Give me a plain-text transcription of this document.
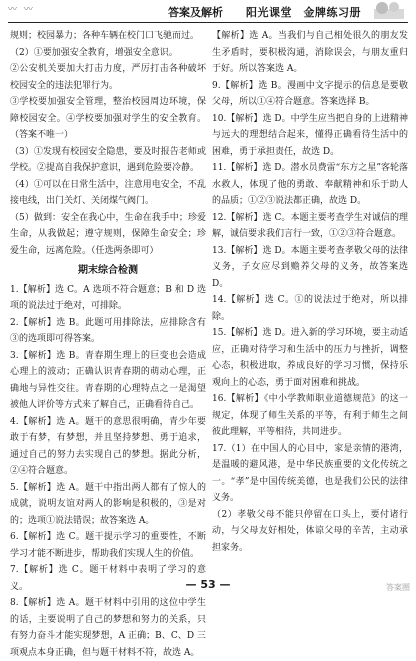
〰 〰	答案及解析 阳光课堂　金牌练习册

规则；校园暴力；各种车辆在校门口飞驰而过。

（2）①要加强安全教育，增强安全意识。

②公安机关要加大打击力度，严厉打击各种破坏校园安全的违法犯罪行为。

③学校要加强安全管理，整治校园周边环境，保障校园安全。④学校要加强对学生的安全教育。（答案不唯一）

（3）①发现有校园安全隐患，要及时报告老师或学校。②提高自我保护意识，遇到危险要冷静。

（4）①可以在日常生活中，注意用电安全，不乱接电线，出门关灯、关闭煤气阀门。

（5）做到：安全在我心中，生命在我手中；珍爱生命，从我做起；遵守规则，保障生命安全；珍爱生命，远离危险。（任选两条即可）

期末综合检测

1.【解析】选 C。A 选项不符合题意；B 和 D 选项的说法过于绝对，可排除。

2.【解析】选 B。此题可用排除法，应排除含有③的选项即可得答案。

3.【解析】选 B。青春期生理上的巨变也会造成心理上的波动；正确认识青春期的萌动心理，正确地与异性交往。青春期的心理特点之一是渴望被他人评价等方式来了解自己，正确看待自己。

4.【解析】选 A。题干的意思很明确，青少年要敢于有梦，有梦想，并且坚持梦想、勇于追求，通过自己的努力去实现自己的梦想。据此分析，②④符合题意。

5.【解析】选 A。题干中指出两人都有了惊人的成就，说明友谊对两人的影响是积极的，③是对的；选项①说法错误；故答案选 A。

6.【解析】选 C。题干提示学习的重要性，不断学习才能不断进步，帮助我们实现人生的价值。

7.【解析】选 C。题干材料中表明了学习的意义。

8.【解析】选 A。题干材料中引用的这位中学生的话，主要说明了自己的梦想和努力的关系，只有努力奋斗才能实现梦想，A 正确；B、C、D 三项观点本身正确，但与题干材料不符，故选 A。

【解析】选 A。当我们与自己相处很久的朋友发生矛盾时，要积极沟通，消除误会，与朋友重归于好。所以答案选 A。

9.【解析】选 B。漫画中文字提示的信息是要敬父母，所以①④符合题意。答案选择 B。

10.【解析】选 D。中学生应当把自身的上进精神与远大的理想结合起来，懂得正确看待生活中的困难，勇于承担责任，故选 D。

11.【解析】选 D。潜水员费雷“东方之星”客轮落水救人，体现了他的勇敢、奉献精神和乐于助人的品质；①②③说法都正确，故选 D。

12.【解析】选 C。本题主要考查学生对诚信的理解，诚信要求我们言行一致，①②③符合题意。

13.【解析】选 D。本题主要考查孝敬父母的法律义务，子女应尽到赡养父母的义务，故答案选 D。

14.【解析】选 C。①的说法过于绝对，所以排除。

15.【解析】选 D。进入新的学习环境，要主动适应，正确对待学习和生活中的压力与挫折，调整心态，积极进取，养成良好的学习习惯，保持乐观向上的心态，勇于面对困难和挑战。

16.【解析】《中小学教师职业道德规范》的这一规定，体现了师生关系的平等，有利于师生之间彼此理解，平等相待，共同进步。

17.（1）在中国人的心目中，家是亲情的港湾，是温暖的避风港，是中华民族重要的文化传统之一。“孝”是中国传统美德，也是我们公民的法律义务。

（2）孝敬父母不能只停留在口头上，要付诸行动，与父母友好相处，体谅父母的辛苦，主动承担家务。

— 53 —	答案圈
